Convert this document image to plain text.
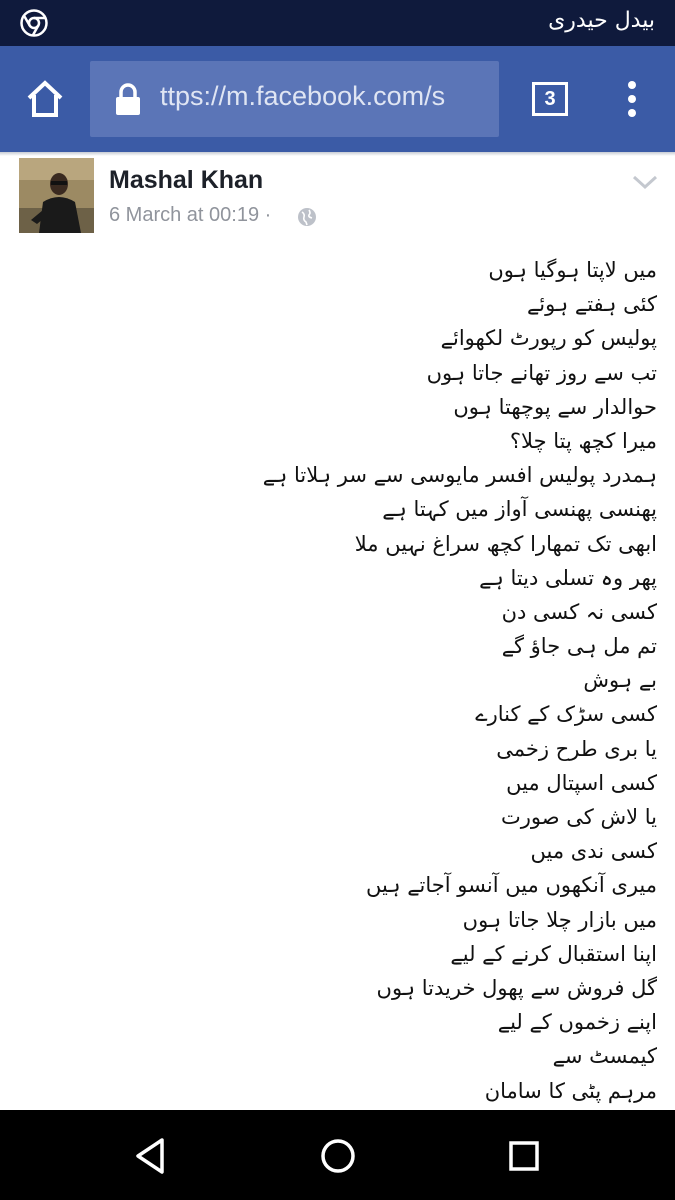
بیدل حیدری
ttps://m.facebook.com/s	3
Mashal Khan
6 March at 00:19 ·
میں لاپتا ہوگیا ہوں
کئی ہفتے ہوئے
پولیس کو رپورٹ لکھوائے
تب سے روز تھانے جاتا ہوں
حوالدار سے پوچھتا ہوں
میرا کچھ پتا چلا؟
ہمدرد پولیس افسر مایوسی سے سر ہلاتا ہے
پھنسی پھنسی آواز میں کہتا ہے
ابھی تک تمھارا کچھ سراغ نہیں ملا
پھر وہ تسلی دیتا ہے
کسی نہ کسی دن
تم مل ہی جاؤ گے
بے ہوش
کسی سڑک کے کنارے
یا بری طرح زخمی
کسی اسپتال میں
یا لاش کی صورت
کسی ندی میں
میری آنکھوں میں آنسو آجاتے ہیں
میں بازار چلا جاتا ہوں
اپنا استقبال کرنے کے لیے
گل فروش سے پھول خریدتا ہوں
اپنے زخموں کے لیے
کیمسٹ سے
مرہم پٹی کا سامان
